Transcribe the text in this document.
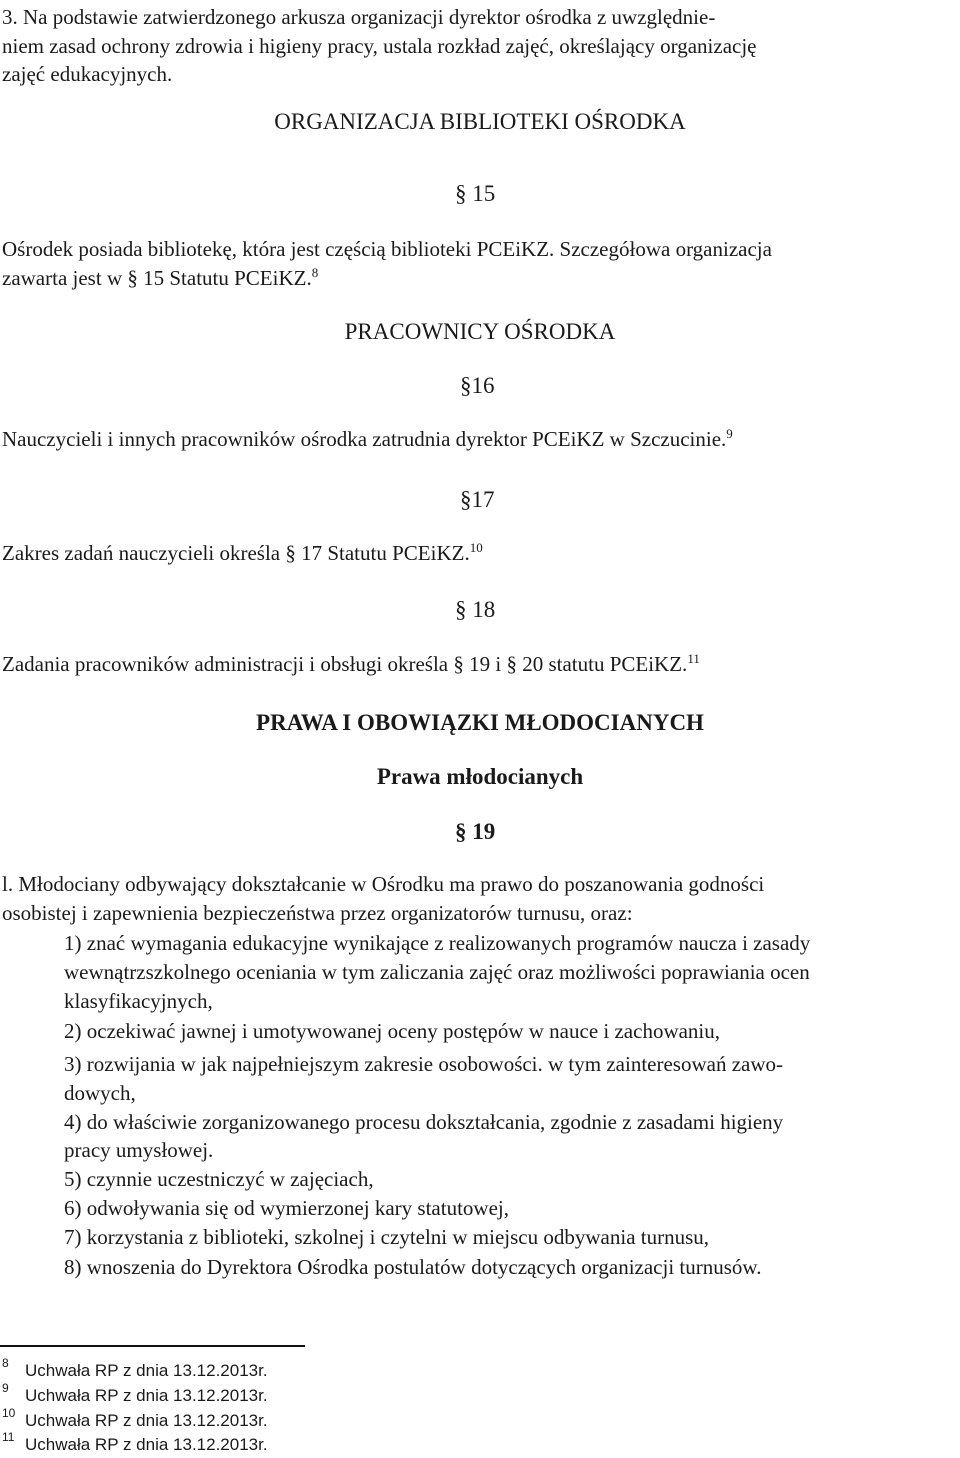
3. Na podstawie zatwierdzonego arkusza organizacji dyrektor ośrodka z uwzględnie-
niem zasad ochrony zdrowia i higieny pracy, ustala rozkład zajęć, określający organizację
zajęć edukacyjnych.
ORGANIZACJA BIBLIOTEKI OŚRODKA
§ 15
Ośrodek posiada bibliotekę, która jest częścią biblioteki PCEiKZ. Szczegółowa organizacja
zawarta jest w § 15 Statutu PCEiKZ.$^8$
PRACOWNICY OŚRODKA
§16
Nauczycieli i innych pracowników ośrodka zatrudnia dyrektor PCEiKZ w Szczucinie.$^9$
§17
Zakres zadań nauczycieli określa § 17 Statutu PCEiKZ.$^{10}$
§ 18
Zadania pracowników administracji i obsługi określa § 19 i § 20 statutu PCEiKZ.$^{11}$
PRAWA I OBOWIĄZKI MŁODOCIANYCH
Prawa młodocianych
§ 19
l. Młodociany odbywający dokształcanie w Ośrodku ma prawo do poszanowania godności
osobistej i zapewnienia bezpieczeństwa przez organizatorów turnusu, oraz:
1) znać wymagania edukacyjne wynikające z realizowanych programów naucza i zasady
wewnątrzszkolnego oceniania w tym zaliczania zajęć oraz możliwości poprawiania ocen
klasyfikacyjnych,
2) oczekiwać jawnej i umotywowanej oceny postępów w nauce i zachowaniu,
3) rozwijania w jak najpełniejszym zakresie osobowości. w tym zainteresowań zawo-
dowych,
4) do właściwie zorganizowanego procesu dokształcania, zgodnie z zasadami higieny
pracy umysłowej.
5) czynnie uczestniczyć w zajęciach,
6) odwoływania się od wymierzonej kary statutowej,
7) korzystania z biblioteki, szkolnej i czytelni w miejscu odbywania turnusu,
8) wnoszenia do Dyrektora Ośrodka postulatów dotyczących organizacji turnusów.
$^8$ Uchwała RP z dnia 13.12.2013r.
$^9$ Uchwała RP z dnia 13.12.2013r.
$^{10}$ Uchwała RP z dnia 13.12.2013r.
$^{11}$ Uchwała RP z dnia 13.12.2013r.
